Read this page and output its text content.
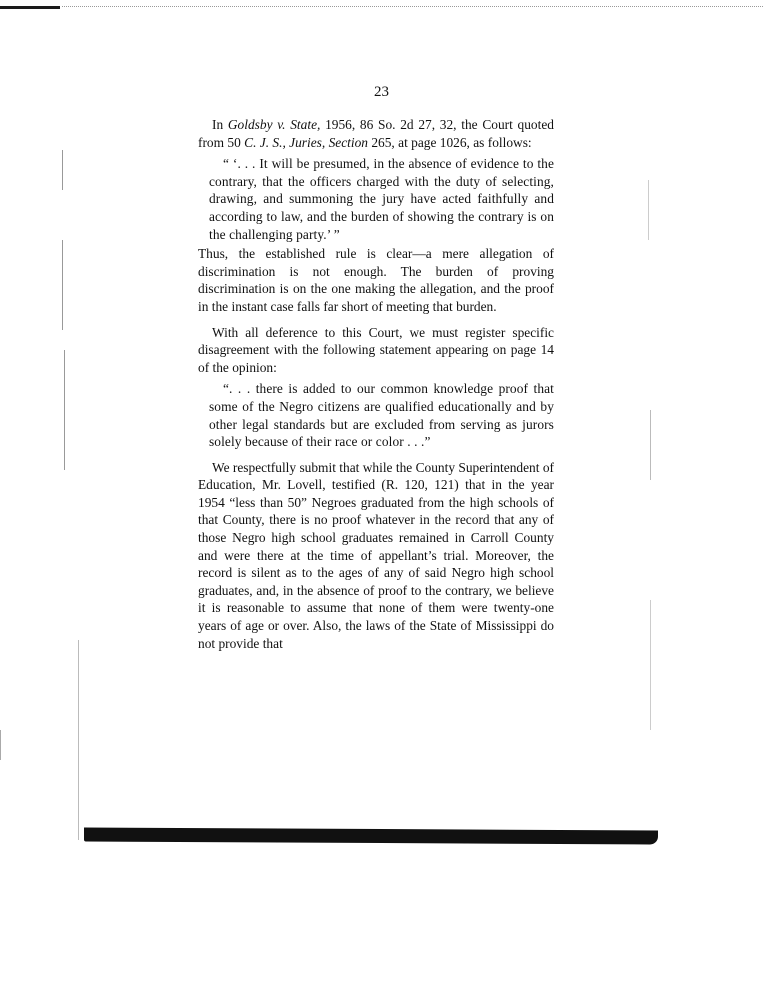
23

In Goldsby v. State, 1956, 86 So. 2d 27, 32, the Court quoted from 50 C. J. S., Juries, Section 265, at page 1026, as follows:

“ ‘. . . It will be presumed, in the absence of evidence to the contrary, that the officers charged with the duty of selecting, drawing, and summoning the jury have acted faithfully and according to law, and the burden of showing the contrary is on the challenging party.’ ”

Thus, the established rule is clear—a mere allegation of discrimination is not enough. The burden of proving discrimination is on the one making the allegation, and the proof in the instant case falls far short of meeting that burden.

With all deference to this Court, we must register specific disagreement with the following statement appearing on page 14 of the opinion:

“. . . there is added to our common knowledge proof that some of the Negro citizens are qualified educationally and by other legal standards but are excluded from serving as jurors solely because of their race or color . . .”

We respectfully submit that while the County Superintendent of Education, Mr. Lovell, testified (R. 120, 121) that in the year 1954 “less than 50” Negroes graduated from the high schools of that County, there is no proof whatever in the record that any of those Negro high school graduates remained in Carroll County and were there at the time of appellant’s trial. Moreover, the record is silent as to the ages of any of said Negro high school graduates, and, in the absence of proof to the contrary, we believe it is reasonable to assume that none of them were twenty-one years of age or over. Also, the laws of the State of Mississippi do not provide that
